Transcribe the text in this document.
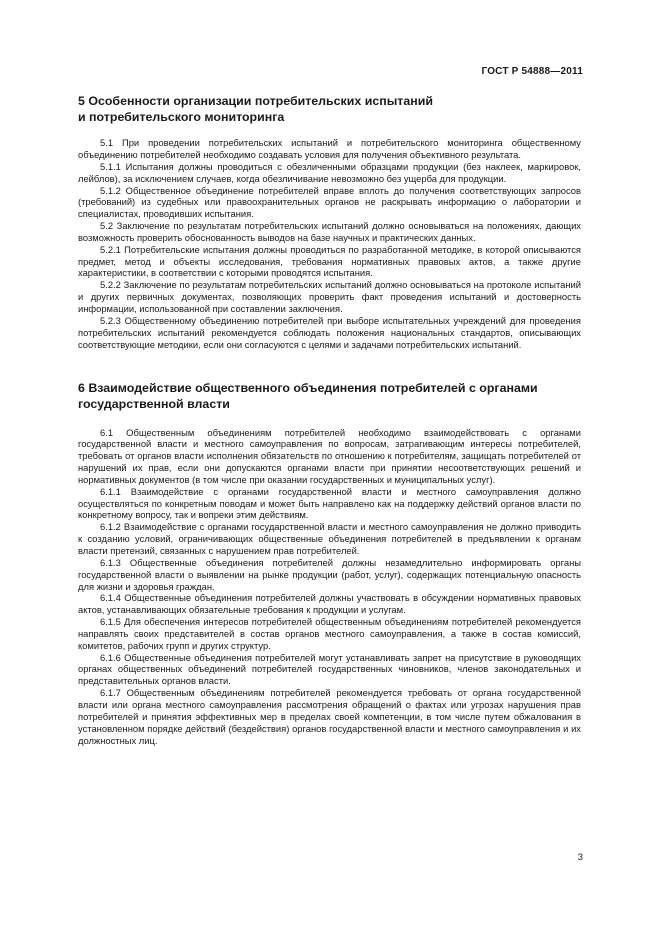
ГОСТ Р 54888—2011
5 Особенности организации потребительских испытаний
и потребительского мониторинга

5.1 При проведении потребительских испытаний и потребительского мониторинга общественному объединению потребителей необходимо создавать условия для получения объективного результата.

5.1.1 Испытания должны проводиться с обезличенными образцами продукции (без наклеек, маркировок, лейблов), за исключением случаев, когда обезличивание невозможно без ущерба для продукции.

5.1.2 Общественное объединение потребителей вправе вплоть до получения соответствующих запросов (требований) из судебных или правоохранительных органов не раскрывать информацию о лаборатории и специалистах, проводивших испытания.

5.2 Заключение по результатам потребительских испытаний должно основываться на положениях, дающих возможность проверить обоснованность выводов на базе научных и практических данных.

5.2.1 Потребительские испытания должны проводиться по разработанной методике, в которой описываются предмет, метод и объекты исследования, требования нормативных правовых актов, а также другие характеристики, в соответствии с которыми проводятся испытания.

5.2.2 Заключение по результатам потребительских испытаний должно основываться на протоколе испытаний и других первичных документах, позволяющих проверить факт проведения испытаний и достоверность информации, использованной при составлении заключения.

5.2.3 Общественному объединению потребителей при выборе испытательных учреждений для проведения потребительских испытаний рекомендуется соблюдать положения национальных стандартов, описывающих соответствующие методики, если они согласуются с целями и задачами потребительских испытаний.

6 Взаимодействие общественного объединения потребителей с органами
государственной власти

6.1 Общественным объединениям потребителей необходимо взаимодействовать с органами государственной власти и местного самоуправления по вопросам, затрагивающим интересы потребителей, требовать от органов власти исполнения обязательств по отношению к потребителям, защищать потребителей от нарушений их прав, если они допускаются органами власти при принятии несоответствующих решений и нормативных документов (в том числе при оказании государственных и муниципальных услуг).

6.1.1 Взаимодействие с органами государственной власти и местного самоуправления должно осуществляться по конкретным поводам и может быть направлено как на поддержку действий органов власти по конкретному вопросу, так и вопреки этим действиям.

6.1.2 Взаимодействие с органами государственной власти и местного самоуправления не должно приводить к созданию условий, ограничивающих общественные объединения потребителей в предъявлении к органам власти претензий, связанных с нарушением прав потребителей.

6.1.3 Общественные объединения потребителей должны незамедлительно информировать органы государственной власти о выявлении на рынке продукции (работ, услуг), содержащих потенциальную опасность для жизни и здоровья граждан.

6.1.4 Общественные объединения потребителей должны участвовать в обсуждении нормативных правовых актов, устанавливающих обязательные требования к продукции и услугам.

6.1.5 Для обеспечения интересов потребителей общественным объединениям потребителей рекомендуется направлять своих представителей в состав органов местного самоуправления, а также в состав комиссий, комитетов, рабочих групп и других структур.

6.1.6 Общественные объединения потребителей могут устанавливать запрет на присутствие в руководящих органах общественных объединений потребителей государственных чиновников, членов законодательных и представительных органов власти.

6.1.7 Общественным объединениям потребителей рекомендуется требовать от органа государственной власти или органа местного самоуправления рассмотрения обращений о фактах или угрозах нарушения прав потребителей и принятия эффективных мер в пределах своей компетенции, в том числе путем обжалования в установленном порядке действий (бездействия) органов государственной власти и местного самоуправления и их должностных лиц.

3
